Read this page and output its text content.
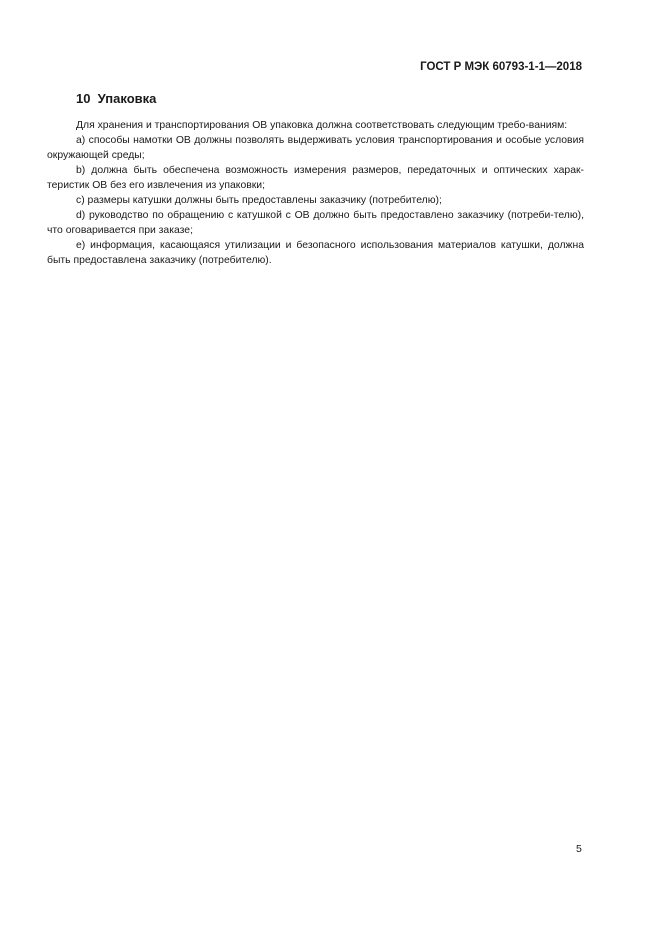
ГОСТ Р МЭК 60793-1-1—2018
10  Упаковка

Для хранения и транспортирования ОВ упаковка должна соответствовать следующим требо-ваниям:

a) способы намотки ОВ должны позволять выдерживать условия транспортирования и особые условия окружающей среды;

b) должна быть обеспечена возможность измерения размеров, передаточных и оптических харак-теристик ОВ без его извлечения из упаковки;

c) размеры катушки должны быть предоставлены заказчику (потребителю);

d) руководство по обращению с катушкой с ОВ должно быть предоставлено заказчику (потреби-телю), что оговаривается при заказе;

e) информация, касающаяся утилизации и безопасного использования материалов катушки, должна быть предоставлена заказчику (потребителю).

5
